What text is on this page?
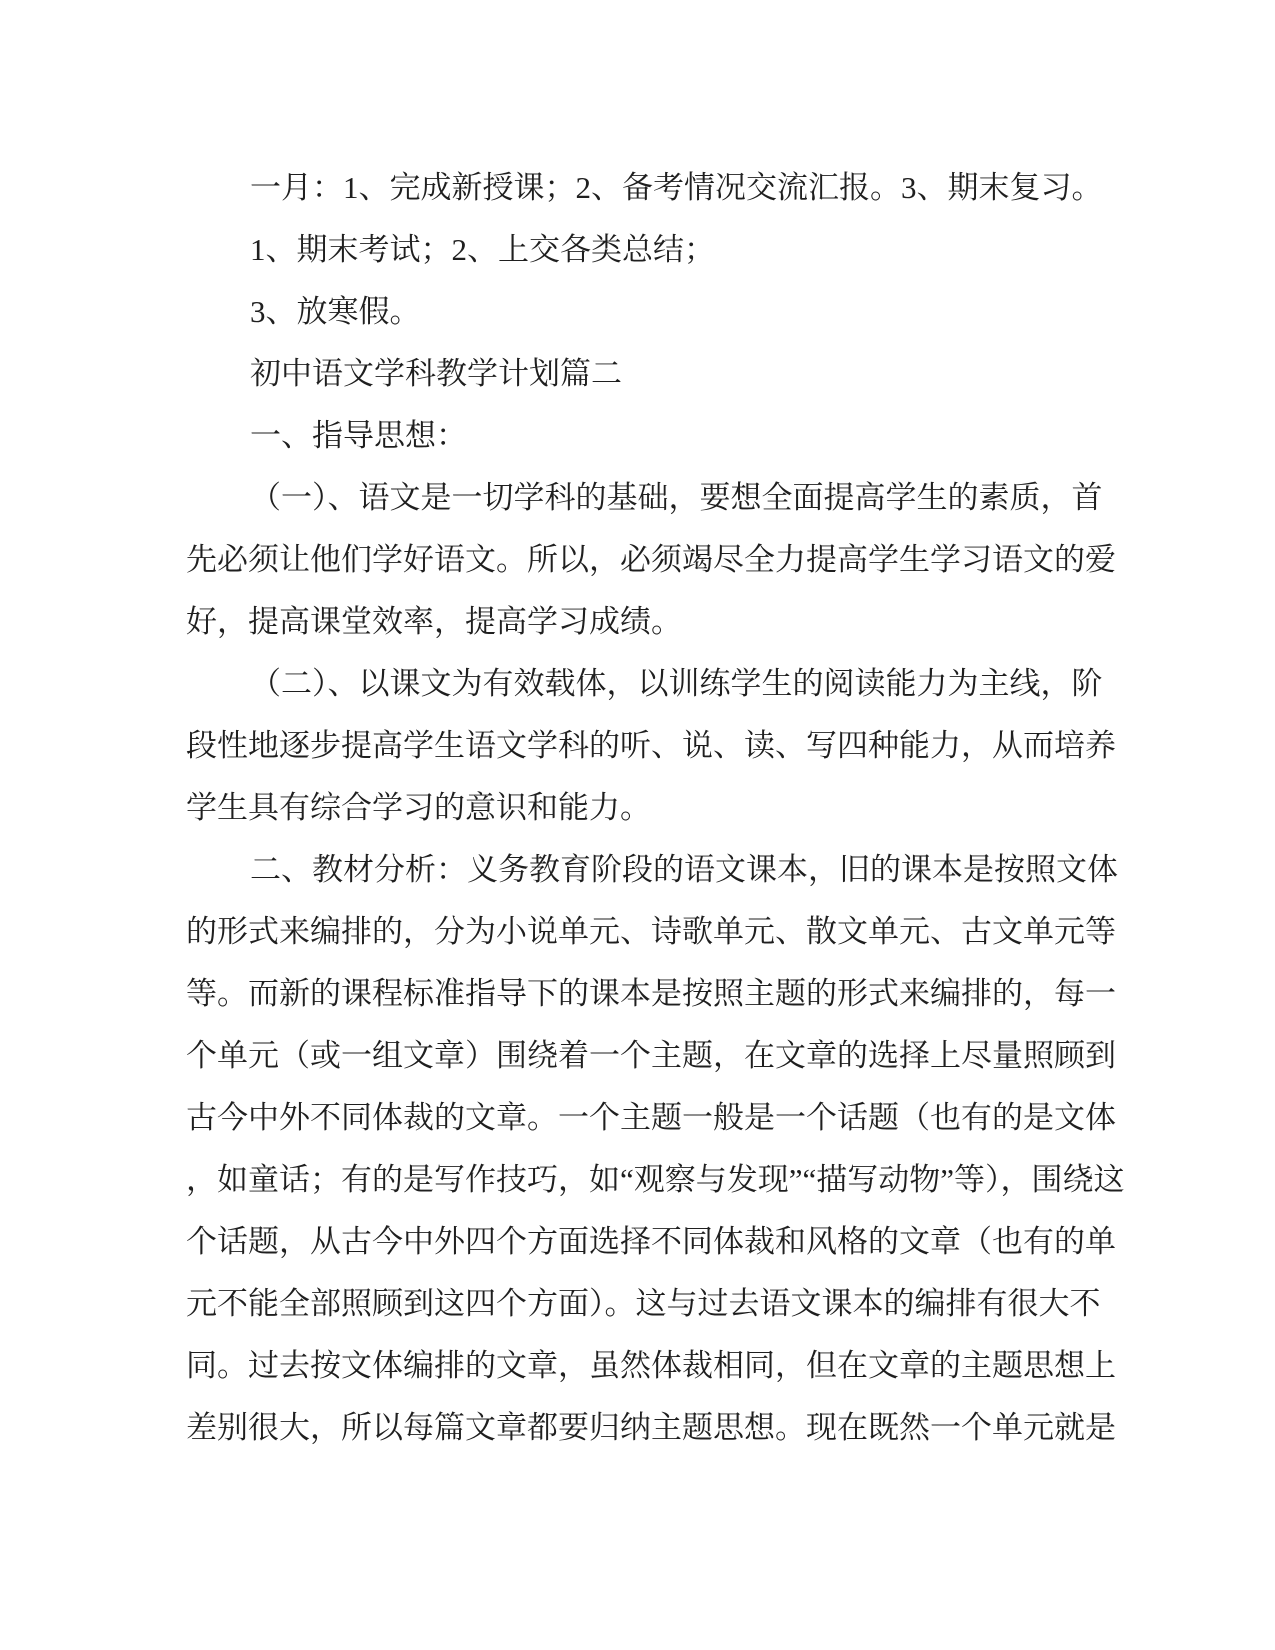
一月：1、完成新授课；2、备考情况交流汇报。3、期末复习。
1、期末考试；2、上交各类总结；
3、放寒假。
初中语文学科教学计划篇二
一、指导思想：
（一）、语文是一切学科的基础，要想全面提高学生的素质，首
先必须让他们学好语文。所以，必须竭尽全力提高学生学习语文的爱
好，提高课堂效率，提高学习成绩。
（二）、以课文为有效载体，以训练学生的阅读能力为主线，阶
段性地逐步提高学生语文学科的听、说、读、写四种能力，从而培养
学生具有综合学习的意识和能力。
二、教材分析：义务教育阶段的语文课本，旧的课本是按照文体
的形式来编排的，分为小说单元、诗歌单元、散文单元、古文单元等
等。而新的课程标准指导下的课本是按照主题的形式来编排的，每一
个单元（或一组文章）围绕着一个主题，在文章的选择上尽量照顾到
古今中外不同体裁的文章。一个主题一般是一个话题（也有的是文体
，如童话；有的是写作技巧，如“观察与发现”“描写动物”等），围绕这
个话题，从古今中外四个方面选择不同体裁和风格的文章（也有的单
元不能全部照顾到这四个方面）。这与过去语文课本的编排有很大不
同。过去按文体编排的文章，虽然体裁相同，但在文章的主题思想上
差别很大，所以每篇文章都要归纳主题思想。现在既然一个单元就是
